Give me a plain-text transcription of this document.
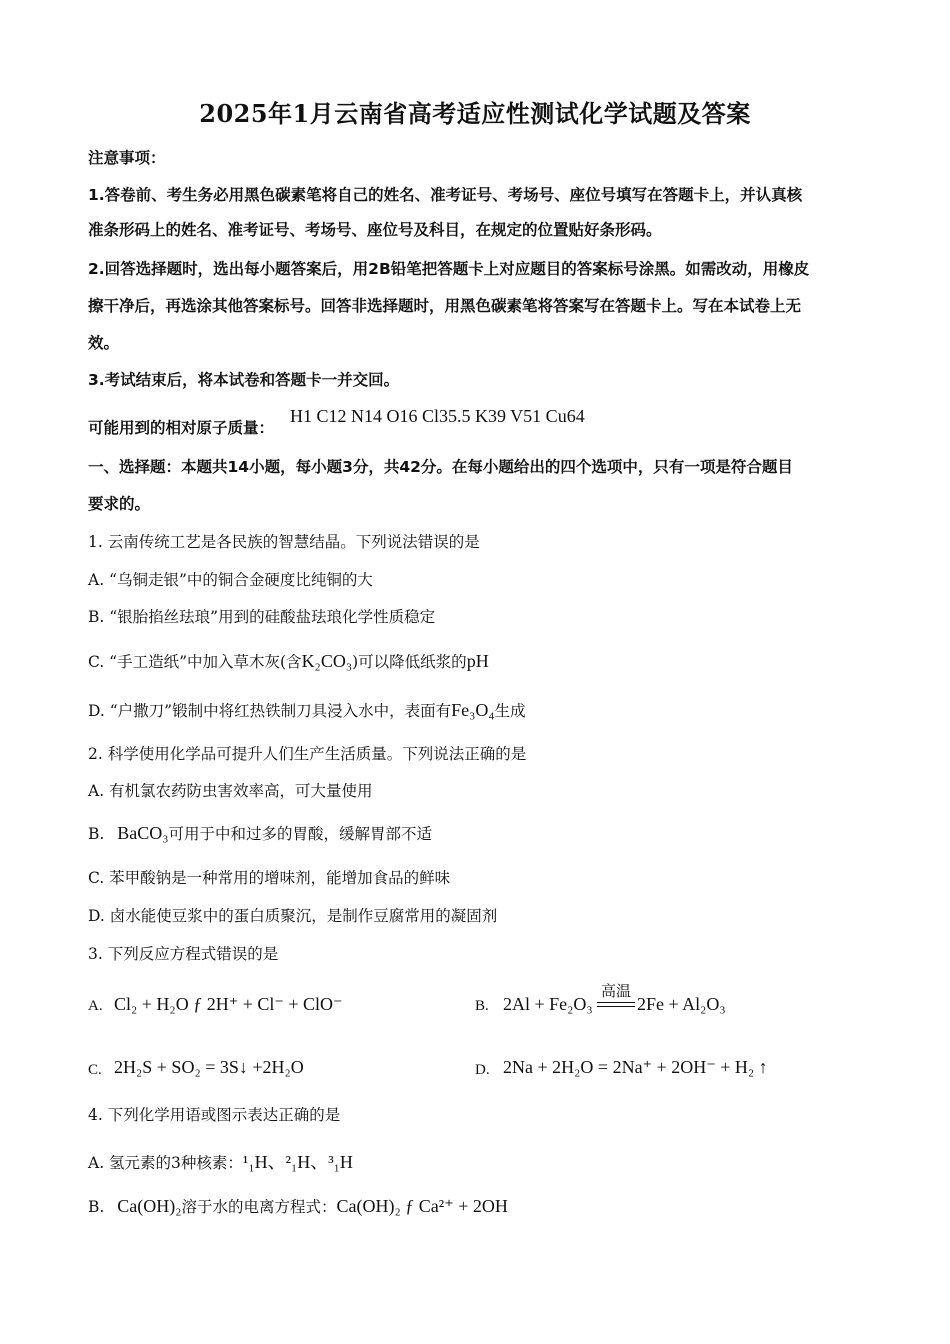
2025年1月云南省高考适应性测试化学试题及答案
注意事项：
1.答卷前、考生务必用黑色碳素笔将自己的姓名、准考证号、考场号、座位号填写在答题卡上，并认真核
准条形码上的姓名、准考证号、考场号、座位号及科目，在规定的位置贴好条形码。
2.回答选择题时，选出每小题答案后，用2B铅笔把答题卡上对应题目的答案标号涂黑。如需改动，用橡皮
擦干净后，再选涂其他答案标号。回答非选择题时，用黑色碳素笔将答案写在答题卡上。写在本试卷上无
效。
3.考试结束后，将本试卷和答题卡一并交回。
可能用到的相对原子质量：
H1 C12 N14 O16 Cl35.5 K39 V51 Cu64
一、选择题：本题共14小题，每小题3分，共42分。在每小题给出的四个选项中，只有一项是符合题目
要求的。
1. 云南传统工艺是各民族的智慧结晶。下列说法错误的是
A. “乌铜走银”中的铜合金硬度比纯铜的大
B. “银胎掐丝珐琅”用到的硅酸盐珐琅化学性质稳定
C. “手工造纸”中加入草木灰(含K₂CO₃)可以降低纸浆的pH
D. “户撒刀”锻制中将红热铁制刀具浸入水中，表面有Fe₃O₄生成
2. 科学使用化学品可提升人们生产生活质量。下列说法正确的是
A. 有机氯农药防虫害效率高，可大量使用
B. BaCO₃可用于中和过多的胃酸，缓解胃部不适
C. 苯甲酸钠是一种常用的增味剂，能增加食品的鲜味
D. 卤水能使豆浆中的蛋白质聚沉，是制作豆腐常用的凝固剂
3. 下列反应方程式错误的是
A. Cl₂ + H₂O ƒ 2H⁺ + Cl⁻ + ClO⁻	B. 2Al + Fe₂O₃
高温
2Fe + Al₂O₃
C. 2H₂S + SO₂ = 3S↓ +2H₂O	D. 2Na + 2H₂O = 2Na⁺ + 2OH⁻ + H₂ ↑
4. 下列化学用语或图示表达正确的是
A. 氢元素的3种核素：¹₁H、²₁H、³₁H
B. Ca(OH)₂溶于水的电离方程式：Ca(OH)₂ ƒ Ca²⁺ + 2OH
